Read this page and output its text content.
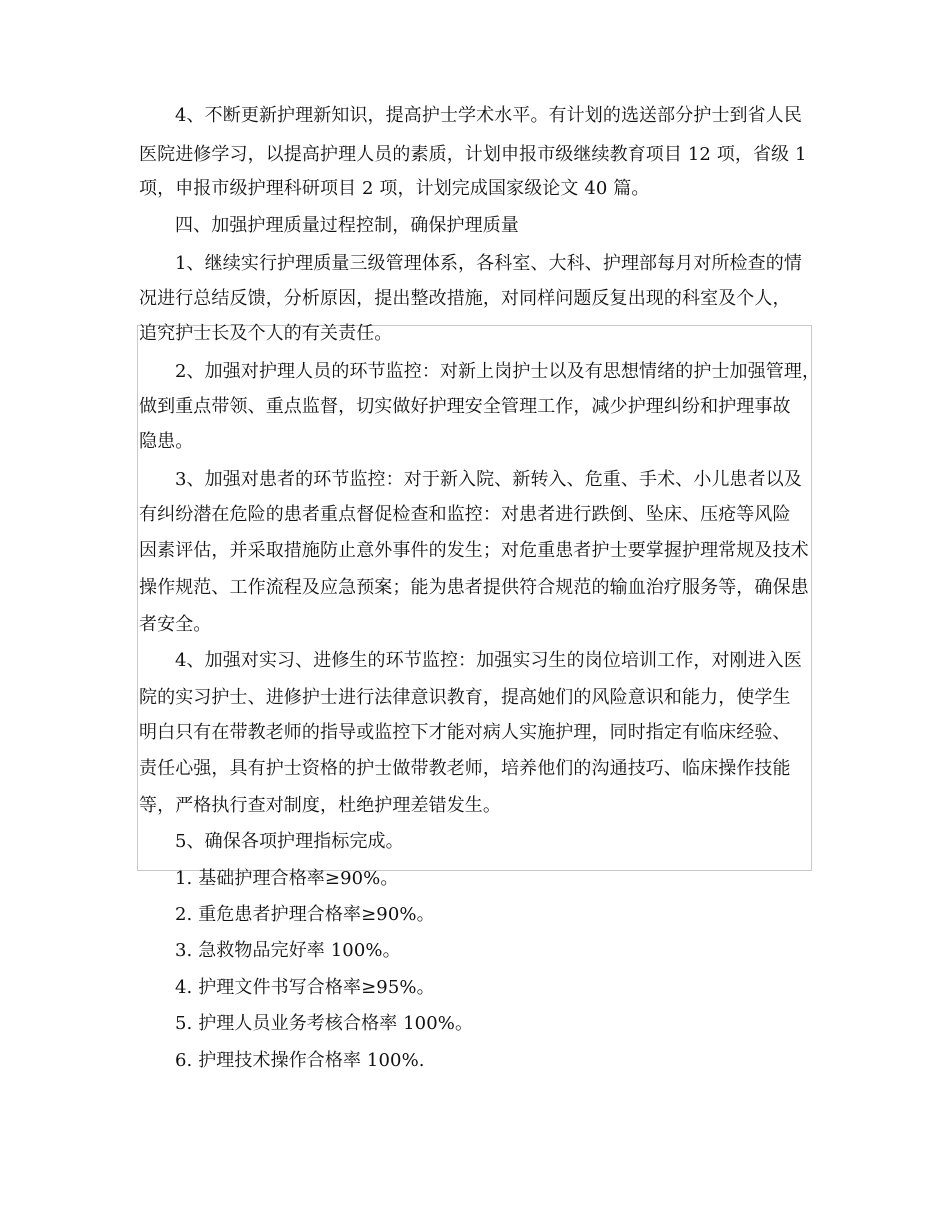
4、不断更新护理新知识，提高护士学术水平。有计划的选送部分护士到省人民
医院进修学习，以提高护理人员的素质，计划申报市级继续教育项目 12 项，省级 1
项，申报市级护理科研项目 2 项，计划完成国家级论文 40 篇。
四、加强护理质量过程控制，确保护理质量
1、继续实行护理质量三级管理体系，各科室、大科、护理部每月对所检查的情
况进行总结反馈，分析原因，提出整改措施，对同样问题反复出现的科室及个人，
追究护士长及个人的有关责任。
2、加强对护理人员的环节监控：对新上岗护士以及有思想情绪的护士加强管理，
做到重点带领、重点监督，切实做好护理安全管理工作，减少护理纠纷和护理事故
隐患。
3、加强对患者的环节监控：对于新入院、新转入、危重、手术、小儿患者以及
有纠纷潜在危险的患者重点督促检查和监控：对患者进行跌倒、坠床、压疮等风险
因素评估，并采取措施防止意外事件的发生；对危重患者护士要掌握护理常规及技术
操作规范、工作流程及应急预案；能为患者提供符合规范的输血治疗服务等，确保患
者安全。
4、加强对实习、进修生的环节监控：加强实习生的岗位培训工作，对刚进入医
院的实习护士、进修护士进行法律意识教育，提高她们的风险意识和能力，使学生
明白只有在带教老师的指导或监控下才能对病人实施护理，同时指定有临床经验、
责任心强，具有护士资格的护士做带教老师，培养他们的沟通技巧、临床操作技能
等，严格执行查对制度，杜绝护理差错发生。
5、确保各项护理指标完成。
1. 基础护理合格率≥90%。
2. 重危患者护理合格率≥90%。
3. 急救物品完好率 100%。
4. 护理文件书写合格率≥95%。
5. 护理人员业务考核合格率 100%。
6. 护理技术操作合格率 100%.
